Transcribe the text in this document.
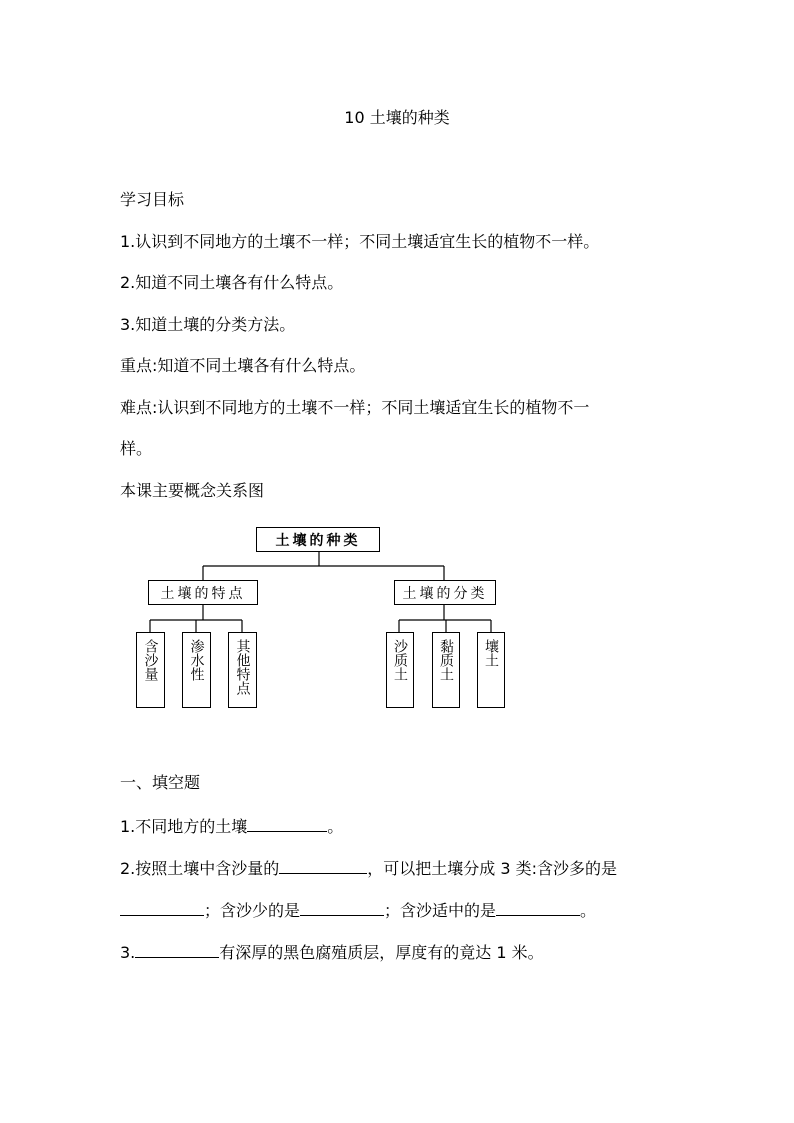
10 土壤的种类
学习目标
1.认识到不同地方的土壤不一样；不同土壤适宜生长的植物不一样。
2.知道不同土壤各有什么特点。
3.知道土壤的分类方法。
重点:知道不同土壤各有什么特点。
难点:认识到不同地方的土壤不一样；不同土壤适宜生长的植物不一
样。
本课主要概念关系图
土壤的种类
土壤的特点	土壤的分类
含沙量	渗水性	其他特点	沙质土	黏质土	壤土
一、填空题
1.不同地方的土壤	。
2.按照土壤中含沙量的	，可以把土壤分成 3 类:含沙多的是
；含沙少的是	；含沙适中的是	。
3.	有深厚的黑色腐殖质层，厚度有的竟达 1 米。
